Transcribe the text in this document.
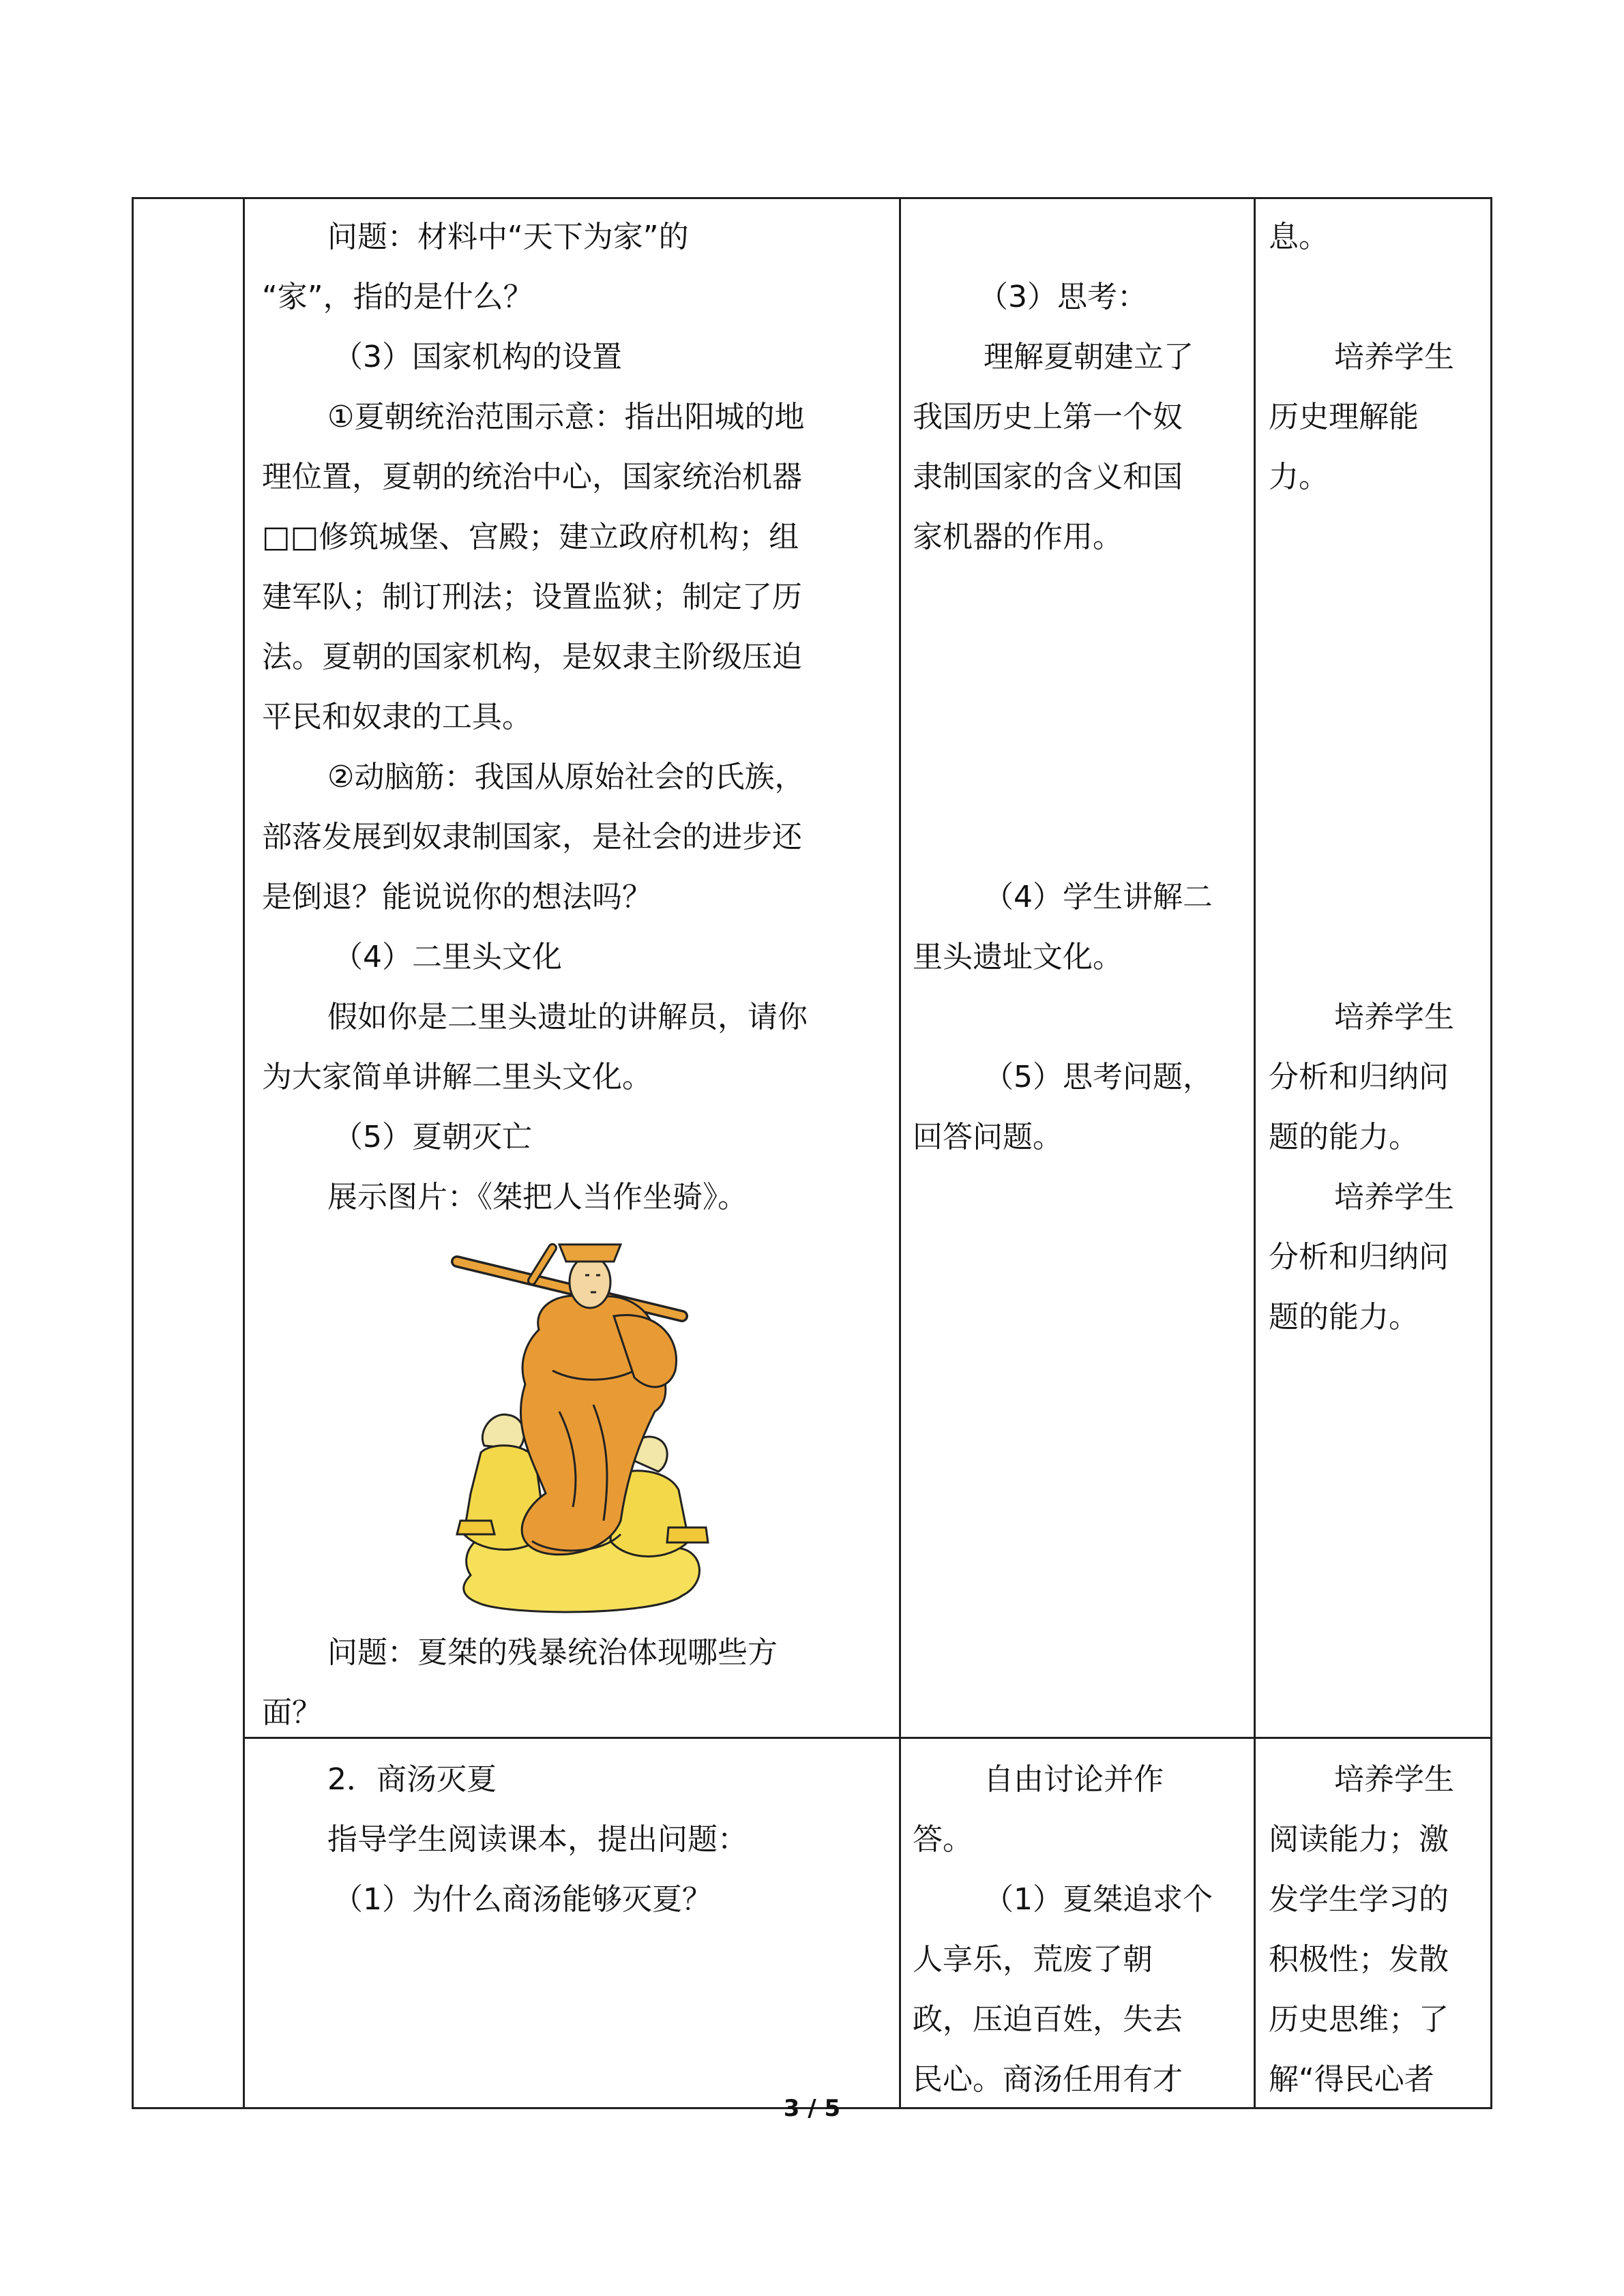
问题：材料中“天下为家”的

“家”，指的是什么？

（3）国家机构的设置

①夏朝统治范围示意：指出阳城的地

理位置，夏朝的统治中心，国家统治机器

□□修筑城堡、宫殿；建立政府机构；组

建军队；制订刑法；设置监狱；制定了历

法。夏朝的国家机构，是奴隶主阶级压迫

平民和奴隶的工具。

②动脑筋：我国从原始社会的氏族，

部落发展到奴隶制国家，是社会的进步还

是倒退？能说说你的想法吗？

（4）二里头文化

假如你是二里头遗址的讲解员，请你

为大家简单讲解二里头文化。

（5）夏朝灭亡

展示图片：《桀把人当作坐骑》。

问题：夏桀的残暴统治体现哪些方

面？

（3）思考：

理解夏朝建立了

我国历史上第一个奴

隶制国家的含义和国

家机器的作用。

（4）学生讲解二

里头遗址文化。

（5）思考问题，

回答问题。

息。

培养学生

历史理解能

力。

培养学生

分析和归纳问

题的能力。

培养学生

分析和归纳问

题的能力。

2．商汤灭夏

指导学生阅读课本，提出问题：

（1）为什么商汤能够灭夏？

自由讨论并作

答。

（1）夏桀追求个

人享乐，荒废了朝

政，压迫百姓，失去

民心。商汤任用有才

培养学生

阅读能力；激

发学生学习的

积极性；发散

历史思维；了

解“得民心者

3 / 5
